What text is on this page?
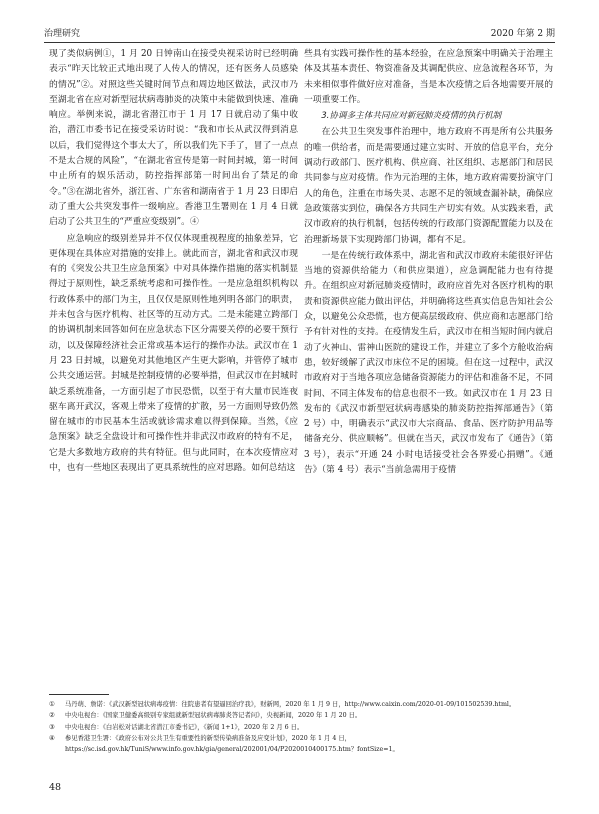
治理研究	2020 年第 2 期

现了类似病例①，1 月 20 日钟南山在接受央视采访时已经明确表示“昨天比较正式地出现了人传人的情况，还有医务人员感染的情况”②。对照这些关键时间节点和周边地区做法，武汉市乃至湖北省在应对新型冠状病毒肺炎的决策中未能做到快速、准确响应。举例来说，湖北省潜江市于 1 月 17 日就启动了集中收治，潜江市委书记在接受采访时说：“我和市长从武汉得到消息以后，我们觉得这个事太大了，所以我们先下手了，冒了一点点不是太合规的风险”，“在湖北省宣传是第一时间封城，第一时间中止所有的娱乐活动，防控指挥部第一时间出台了禁足的命令。”③在湖北省外，浙江省、广东省和湖南省于 1 月 23 日即启动了重大公共突发事件一级响应。香港卫生署则在 1 月 4 日就启动了公共卫生的“严重应变级别”。④

应急响应的级别差异并不仅仅体现重视程度的抽象差异，它更体现在具体应对措施的安排上。就此而言，湖北省和武汉市现有的《突发公共卫生应急预案》中对具体操作措施的落实机制显得过于原则性，缺乏系统考虑和可操作性。一是应急组织机构以行政体系中的部门为主，且仅仅是原则性地列明各部门的职责，并未包含与医疗机构、社区等的互动方式。二是未能建立跨部门的协调机制来回答如何在应急状态下区分需要关停的必要干预行动，以及保障经济社会正常或基本运行的操作办法。武汉市在 1 月 23 日封城，以避免对其他地区产生更大影响，并管停了城市公共交通运营。封城是控制疫情的必要举措，但武汉市在封城时缺乏系统准备，一方面引起了市民恐慌，以至于有大量市民连夜驱车离开武汉，客观上带来了疫情的扩散，另一方面则导致仍然留在城市的市民基本生活或就诊需求难以得到保障。当然，《应急预案》缺乏全盘设计和可操作性并非武汉市政府的特有不足，它是大多数地方政府的共有特征。但与此同时，在本次疫情应对中，也有一些地区表现出了更具系统性的应对思路。如何总结这

些具有实践可操作性的基本经验，在应急预案中明确关于治理主体及其基本责任、物资准备及其调配供应、应急流程各环节，为未来相似事件做好应对准备，当是本次疫情之后各地需要开展的一项重要工作。

3.协调多主体共同应对新冠肺炎疫情的执行机制

在公共卫生突发事件治理中，地方政府不再是所有公共服务的唯一供给者，而是需要通过建立实时、开放的信息平台，充分调动行政部门、医疗机构、供应商、社区组织、志愿部门和居民共同参与应对疫情。作为元治理的主体，地方政府需要扮演守门人的角色，注重在市场失灵、志愿不足的领域查漏补缺，确保应急政策落实到位，确保各方共同生产切实有效。从实践来看，武汉市政府的执行机制，包括传统的行政部门资源配置能力以及在治理新场景下实现跨部门协调，都有不足。

一是在传统行政体系中，湖北省和武汉市政府未能很好评估当地的资源供给能力（和供应渠道），应急调配能力也有待提升。在组织应对新冠肺炎疫情时，政府应首先对各医疗机构的职责和资源供应能力做出评估，并明确将这些真实信息告知社会公众，以避免公众恐慌，也方便高层级政府、供应商和志愿部门给予有针对性的支持。在疫情发生后，武汉市在相当短时间内就启动了火神山、雷神山医院的建设工作，并建立了多个方舱收治病患，较好缓解了武汉市床位不足的困境。但在这一过程中，武汉市政府对于当地各项应急储备资源能力的评估和准备不足，不同时间、不同主体发布的信息也很不一致。如武汉市在 1 月 23 日发布的《武汉市新型冠状病毒感染的肺炎防控指挥部通告》（第 2 号）中，明确表示“武汉市大宗商品、食品、医疗防护用品等储备充分、供应顺畅”。但就在当天，武汉市发布了《通告》（第 3 号），表示“开通 24 小时电话接受社会各界爱心捐赠”。《通告》（第 4 号）表示“当前急需用于疫情

①	马丹萌、詹诺：《武汉新型冠状病毒疫情：往院患者有望逼回治疗我》，财新网，2020 年 1 月 9 日，http://www.caixin.com/2020-01-09/101502539.html。
②	中央电视台：《国家卫健委高级别专家组就新型冠状病毒肺炎答记者问》，央视新闻，2020 年 1 月 20 日。
③	中央电视台：《白岩松对话湖北省潜江市委书记》，《新闻 1+1》，2020 年 2 月 6 日。
④	参见香港卫生署：《政府公布对公共卫生有重要性的新型传染病准备及应变计划》，2020 年 1 月 4 日，https://sc.isd.gov.hk/TuniS/www.info.gov.hk/gia/general/202001/04/P2020010400175.htm？fontSize=1。
48
